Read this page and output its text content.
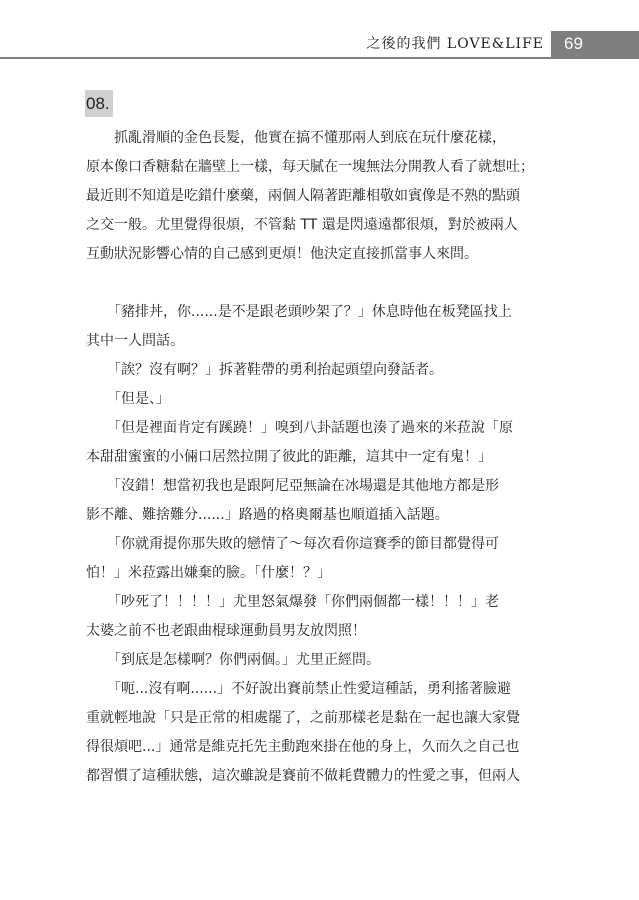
之後的我們 LOVE&LIFE	69
08.
　　抓亂滑順的金色長髮，他實在搞不懂那兩人到底在玩什麼花樣，
原本像口香糖黏在牆壁上一樣，每天膩在一塊無法分開教人看了就想吐；
最近則不知道是吃錯什麼藥，兩個人隔著距離相敬如賓像是不熟的點頭
之交一般。尤里覺得很煩，不管黏 TT 還是閃遠遠都很煩，對於被兩人
互動狀況影響心情的自己感到更煩！他決定直接抓當事人來問。
　　「豬排丼，你......是不是跟老頭吵架了？」休息時他在板凳區找上
其中一人問話。
　　「誒？沒有啊？」拆著鞋帶的勇利抬起頭望向發話者。
　　「但是、」
　　「但是裡面肯定有蹊蹺！」嗅到八卦話題也湊了過來的米菈說「原
本甜甜蜜蜜的小倆口居然拉開了彼此的距離，這其中一定有鬼！」
　　「沒錯！想當初我也是跟阿尼亞無論在冰場還是其他地方都是形
影不離、難捨難分......」路過的格奧爾基也順道插入話題。
　　「你就甭提你那失敗的戀情了～每次看你這賽季的節目都覺得可
怕！」米菈露出嫌棄的臉。「什麼！？」
　　「吵死了！！！！」尤里怒氣爆發「你們兩個都一樣！！！」老
太婆之前不也老跟曲棍球運動員男友放閃照！
　　「到底是怎樣啊？你們兩個。」尤里正經問。
　　「呃...沒有啊......」不好說出賽前禁止性愛這種話，勇利搖著臉避
重就輕地說「只是正常的相處罷了，之前那樣老是黏在一起也讓大家覺
得很煩吧...」通常是維克托先主動跑來掛在他的身上，久而久之自己也
都習慣了這種狀態，這次雖說是賽前不做耗費體力的性愛之事，但兩人
